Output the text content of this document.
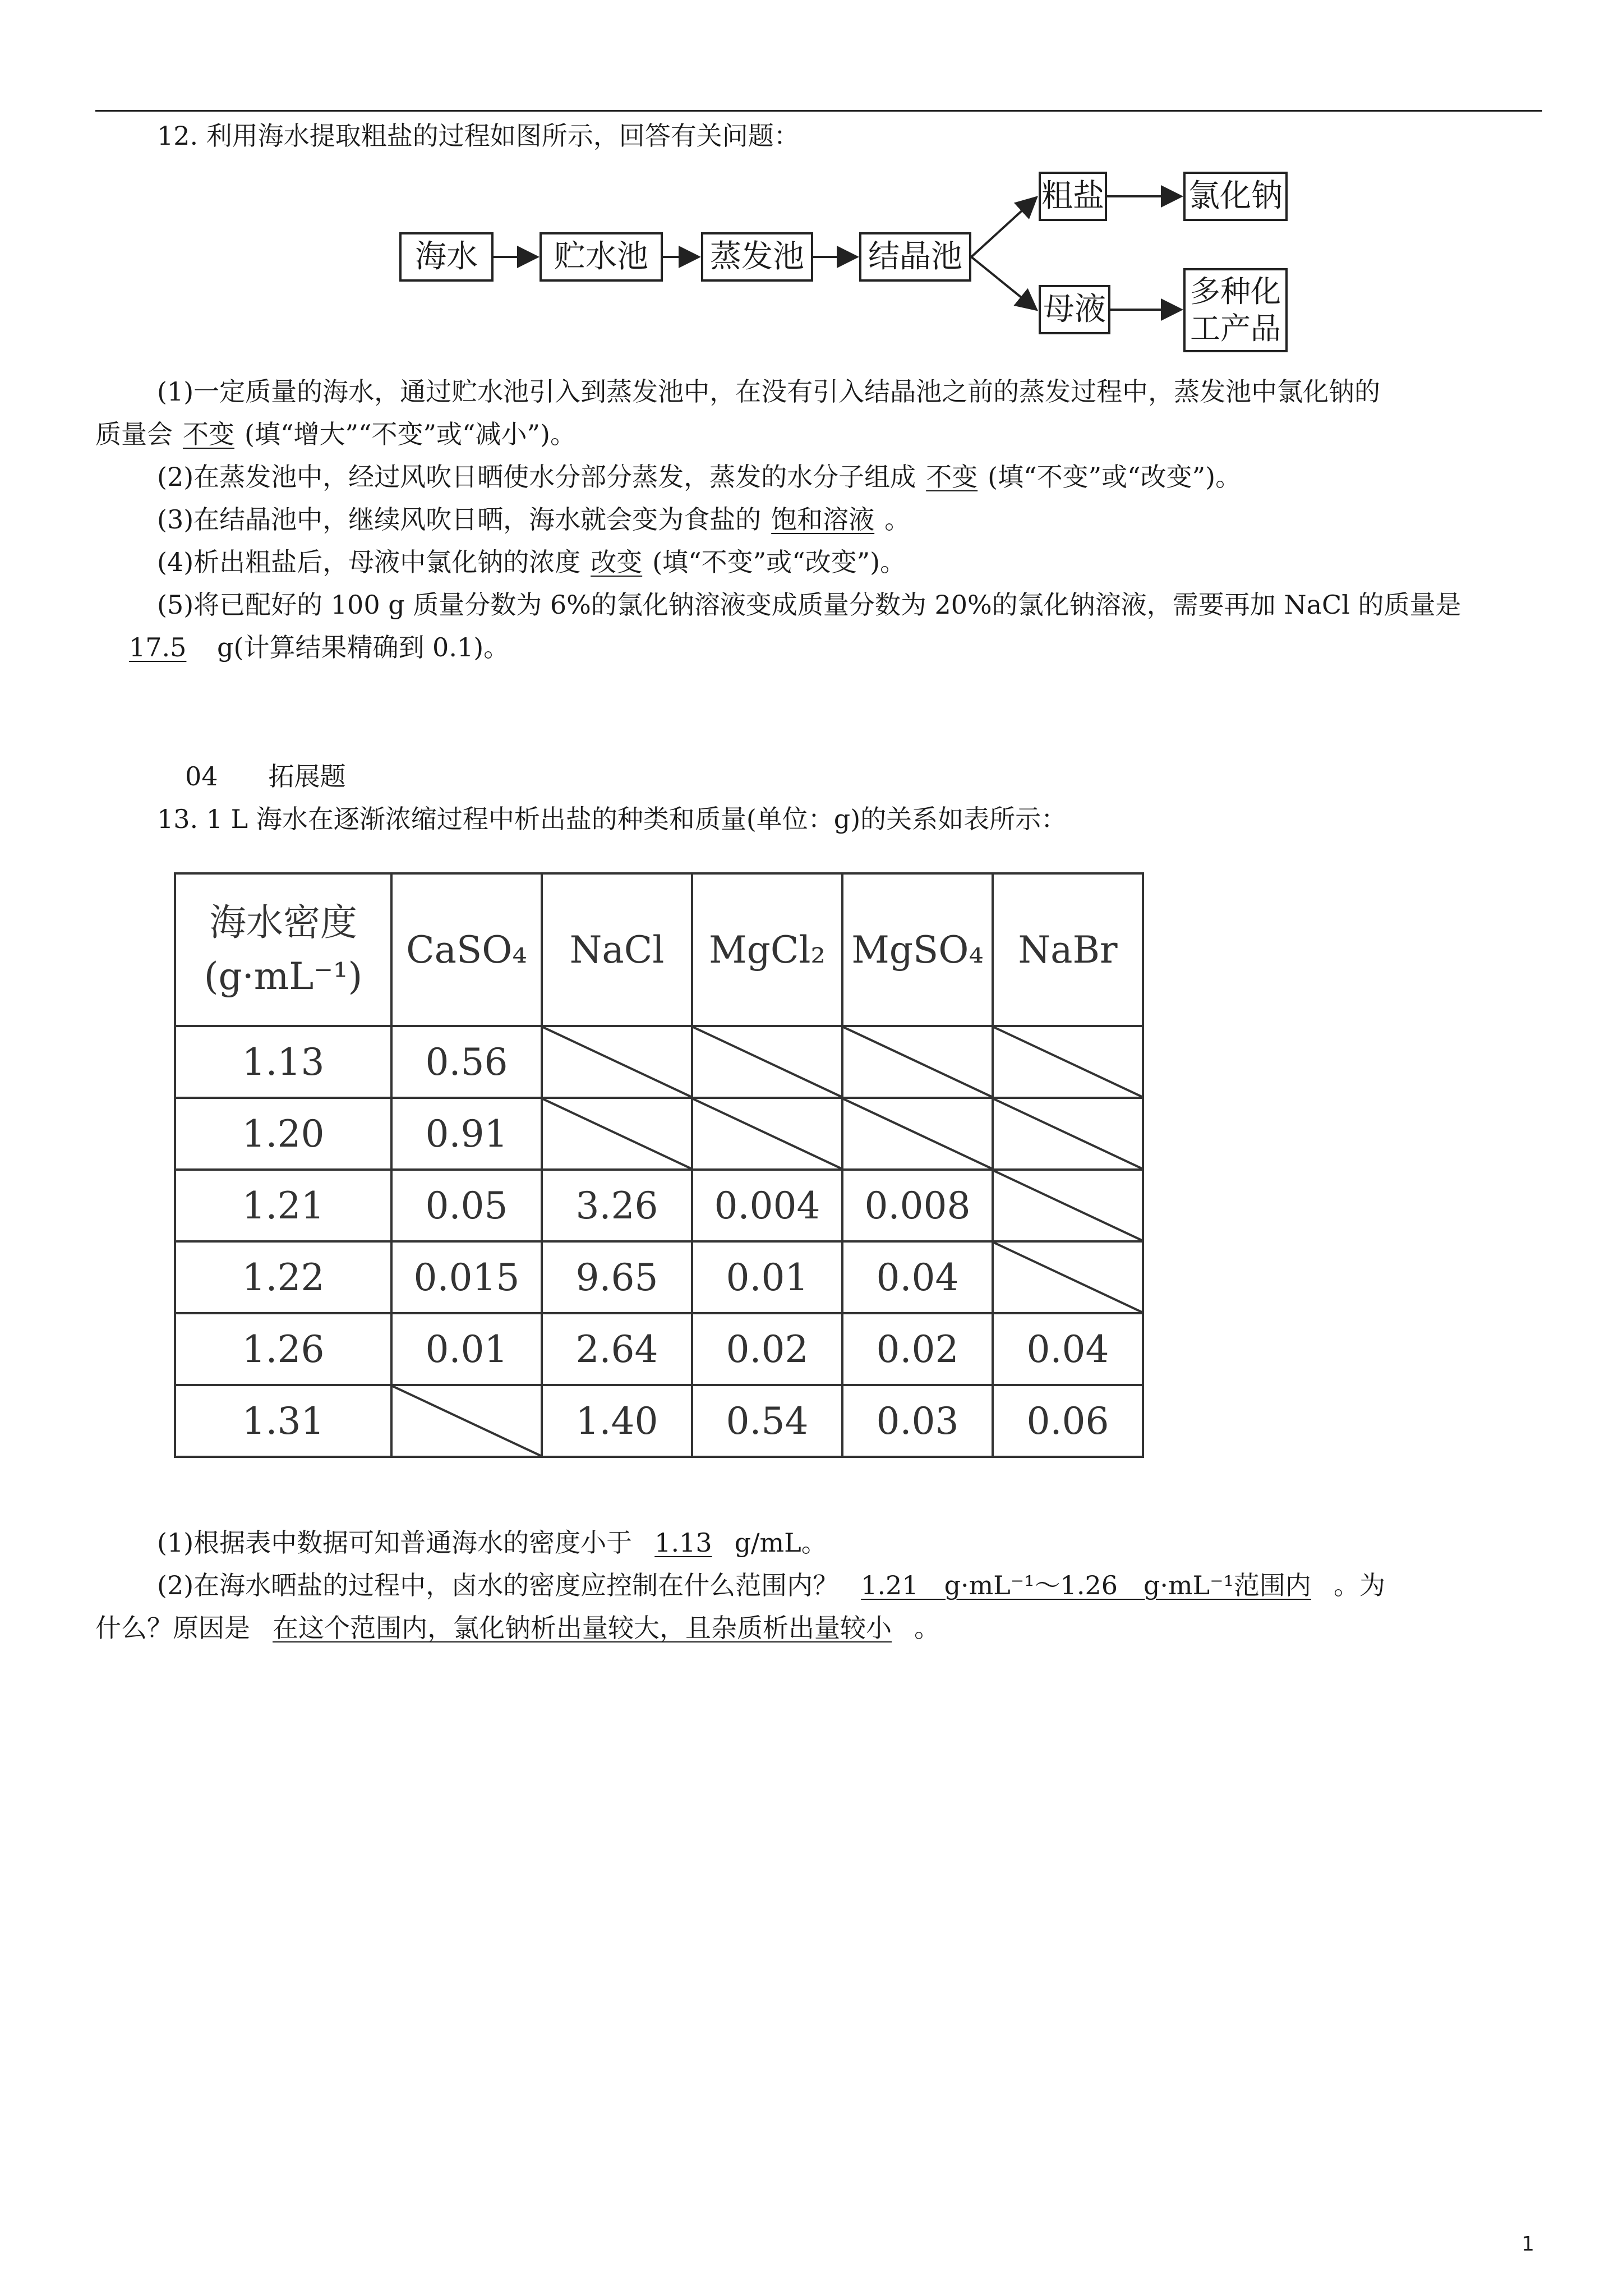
12. 利用海水提取粗盐的过程如图所示，回答有关问题：
海水	贮水池	蒸发池 结晶池
粗盐	氯化钠
母液	多种化
工产品
(1)一定质量的海水，通过贮水池引入到蒸发池中，在没有引入结晶池之前的蒸发过程中，蒸发池中氯化钠的
质量会 不变 (填“增大”“不变”或“减小”)。
(2)在蒸发池中，经过风吹日晒使水分部分蒸发，蒸发的水分子组成 不变 (填“不变”或“改变”)。
(3)在结晶池中，继续风吹日晒，海水就会变为食盐的 饱和溶液 。
(4)析出粗盐后，母液中氯化钠的浓度 改变 (填“不变”或“改变”)。
(5)将已配好的 100 g 质量分数为 6%的氯化钠溶液变成质量分数为 20%的氯化钠溶液，需要再加 NaCl 的质量是
17.5 g(计算结果精确到 0.1)。
04 拓展题
13. 1 L 海水在逐渐浓缩过程中析出盐的种类和质量(单位：g)的关系如表所示：
海水密度
(g·mL⁻¹)	CaSO₄	NaCl	MgCl₂	MgSO₄	NaBr
1.13	0.56	

1.20	0.91	

1.21	0.05	3.26	0.004	0.008	

1.22	0.015	9.65	0.01	0.04	

1.26	0.01	2.64	0.02	0.02	0.04
1.31		1.40	0.54	0.03	0.06
(1)根据表中数据可知普通海水的密度小于 1.13 g/mL。
(2)在海水晒盐的过程中，卤水的密度应控制在什么范围内？ 1.21　g·mL⁻¹～1.26　g·mL⁻¹范围内 。为
什么？原因是 在这个范围内，氯化钠析出量较大，且杂质析出量较小 。
1
